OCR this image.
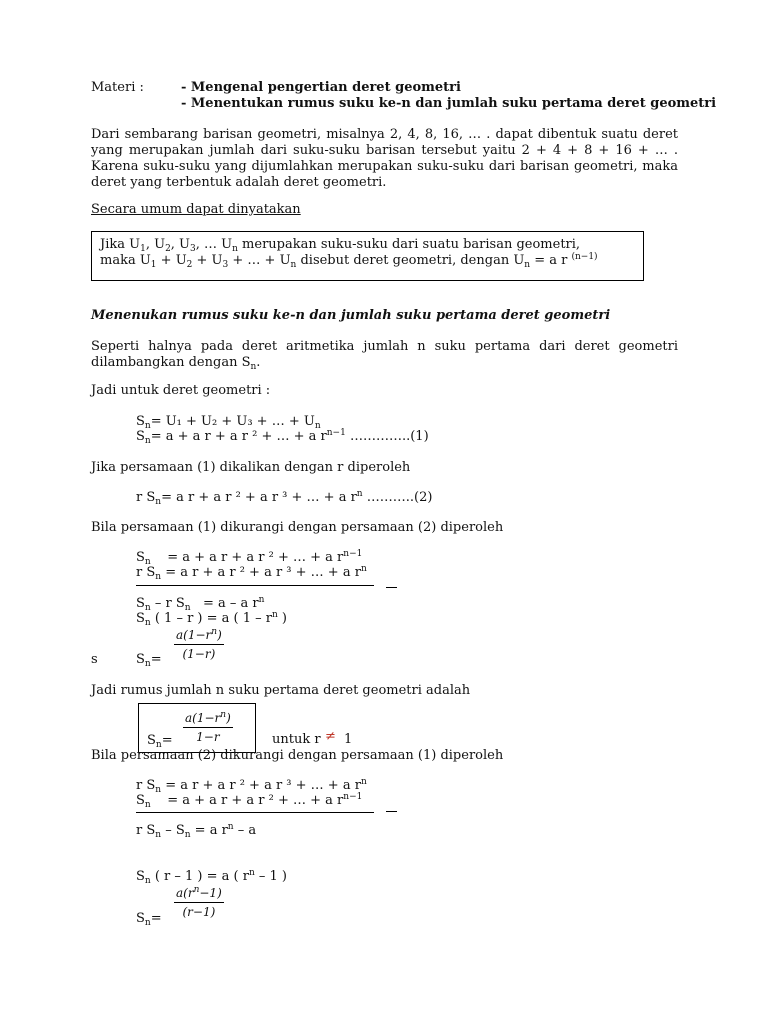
Materi :	- Mengenal pengertian deret geometri
- Menentukan rumus suku ke-n dan jumlah suku pertama deret geometri
Dari sembarang barisan geometri, misalnya 2, 4, 8, 16, … . dapat dibentuk suatu deret yang merupakan jumlah dari suku-suku barisan tersebut yaitu 2 + 4 + 8 + 16 + … . Karena suku-suku yang dijumlahkan merupakan suku-suku dari barisan geometri, maka deret yang terbentuk adalah deret geometri.
Secara umum dapat dinyatakan
Jika $U_1$, $U_2$, $U_3$, … $U_n$ merupakan suku-suku dari suatu barisan geometri,
maka $U_1 + U_2 + U_3$ + … + $U_n$ disebut deret geometri, dengan $U_n = a$ r $^{(n-1)}$
Menenukan rumus suku ke-n dan jumlah suku pertama deret geometri
Seperti halnya pada deret aritmetika jumlah n suku pertama dari deret geometri dilambangkan dengan $S_n$.
Jadi untuk deret geometri :
$S_n= U_1 + U_2 + U_3$ + … + $U_n$
$S_n= a + a$ r + a r ² + … + a $r^{n-1}$ …………..(1)
Jika persamaan (1) dikalikan dengan r diperoleh
r $S_n= a$ r + a r ² + a r ³ + … + a $r^n$ ………..(2)
Bila persamaan (1) dikurangi dengan persamaan (2) diperoleh
$S_n = a + a$ r + a r ² + … + a $r^{n-1}$
r $S_n = a$ r + a r ² + a r ³ + … + a $r^n$
$S_n$ – r $S_n = a - a$ $r^n$
$S_n$ ( 1 – r ) = a ( $1 - r^n$ )
s	$S_n= \frac{a(1-r^n)}{(1-r)}$
Jadi rumus jumlah n suku pertama deret geometri adalah
$S_n= \frac{a(1-r^n)}{1-r}$	untuk r ≠ 1
Bila persamaan (2) dikurangi dengan persamaan (1) diperoleh
r $S_n = a$ r + a r ² + a r ³ + … + a $r^n$
$S_n = a + a$ r + a r ² + … + a $r^{n-1}$
r $S_n - S_n = a$ $r^n$ – a
$S_n$ ( r – 1 ) = a ( $r^n - 1$ )
$S_n= \frac{a(r^n-1)}{(r-1)}$
